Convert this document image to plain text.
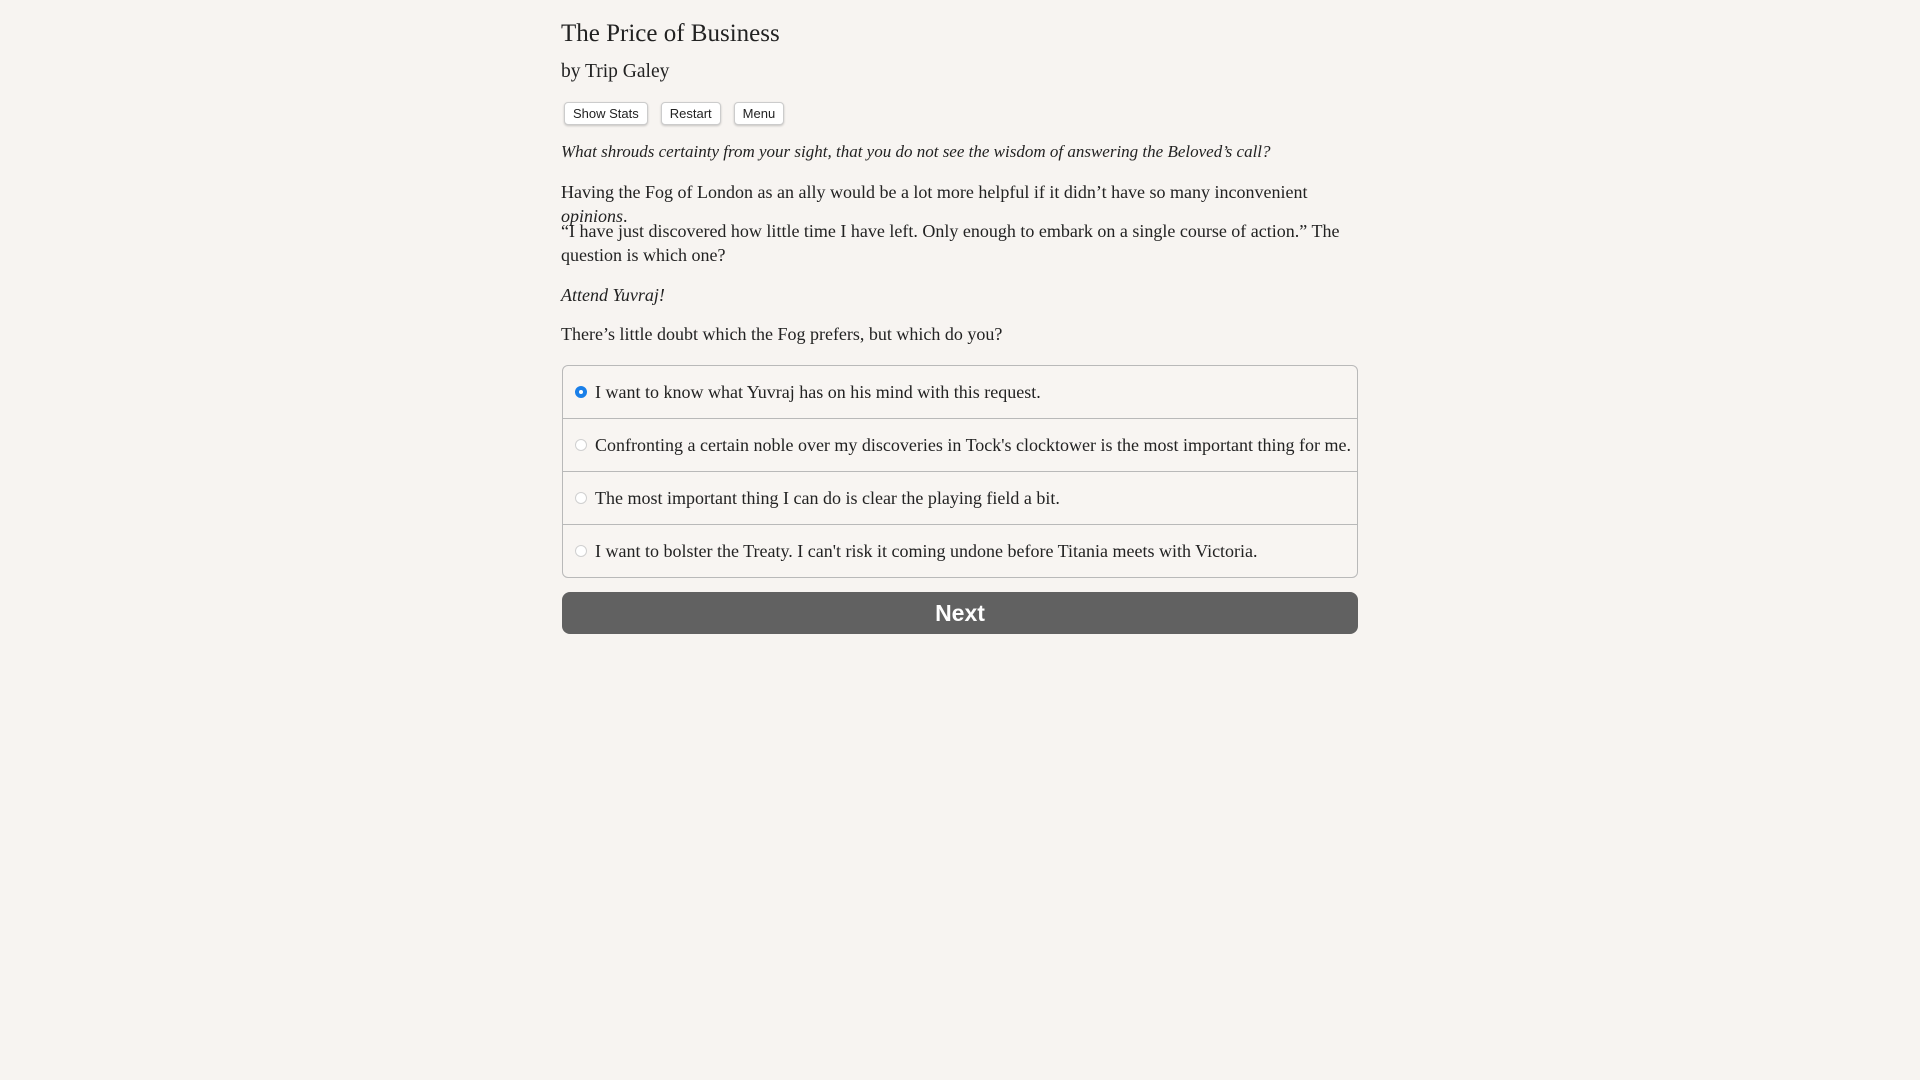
The Price of Business

by Trip Galey

Show Stats	Restart	Menu

What shrouds certainty from your sight, that you do not see the wisdom of answering the Beloved’s call?

Having the Fog of London as an ally would be a lot more helpful if it didn’t have so many inconvenient opinions.

“I have just discovered how little time I have left. Only enough to embark on a single course of action.” The question is which one?

Attend Yuvraj!

There’s little doubt which the Fog prefers, but which do you?

I want to know what Yuvraj has on his mind with this request.
Confronting a certain noble over my discoveries in Tock's clocktower is the most important thing for me.
The most important thing I can do is clear the playing field a bit.
I want to bolster the Treaty. I can't risk it coming undone before Titania meets with Victoria.
Next
